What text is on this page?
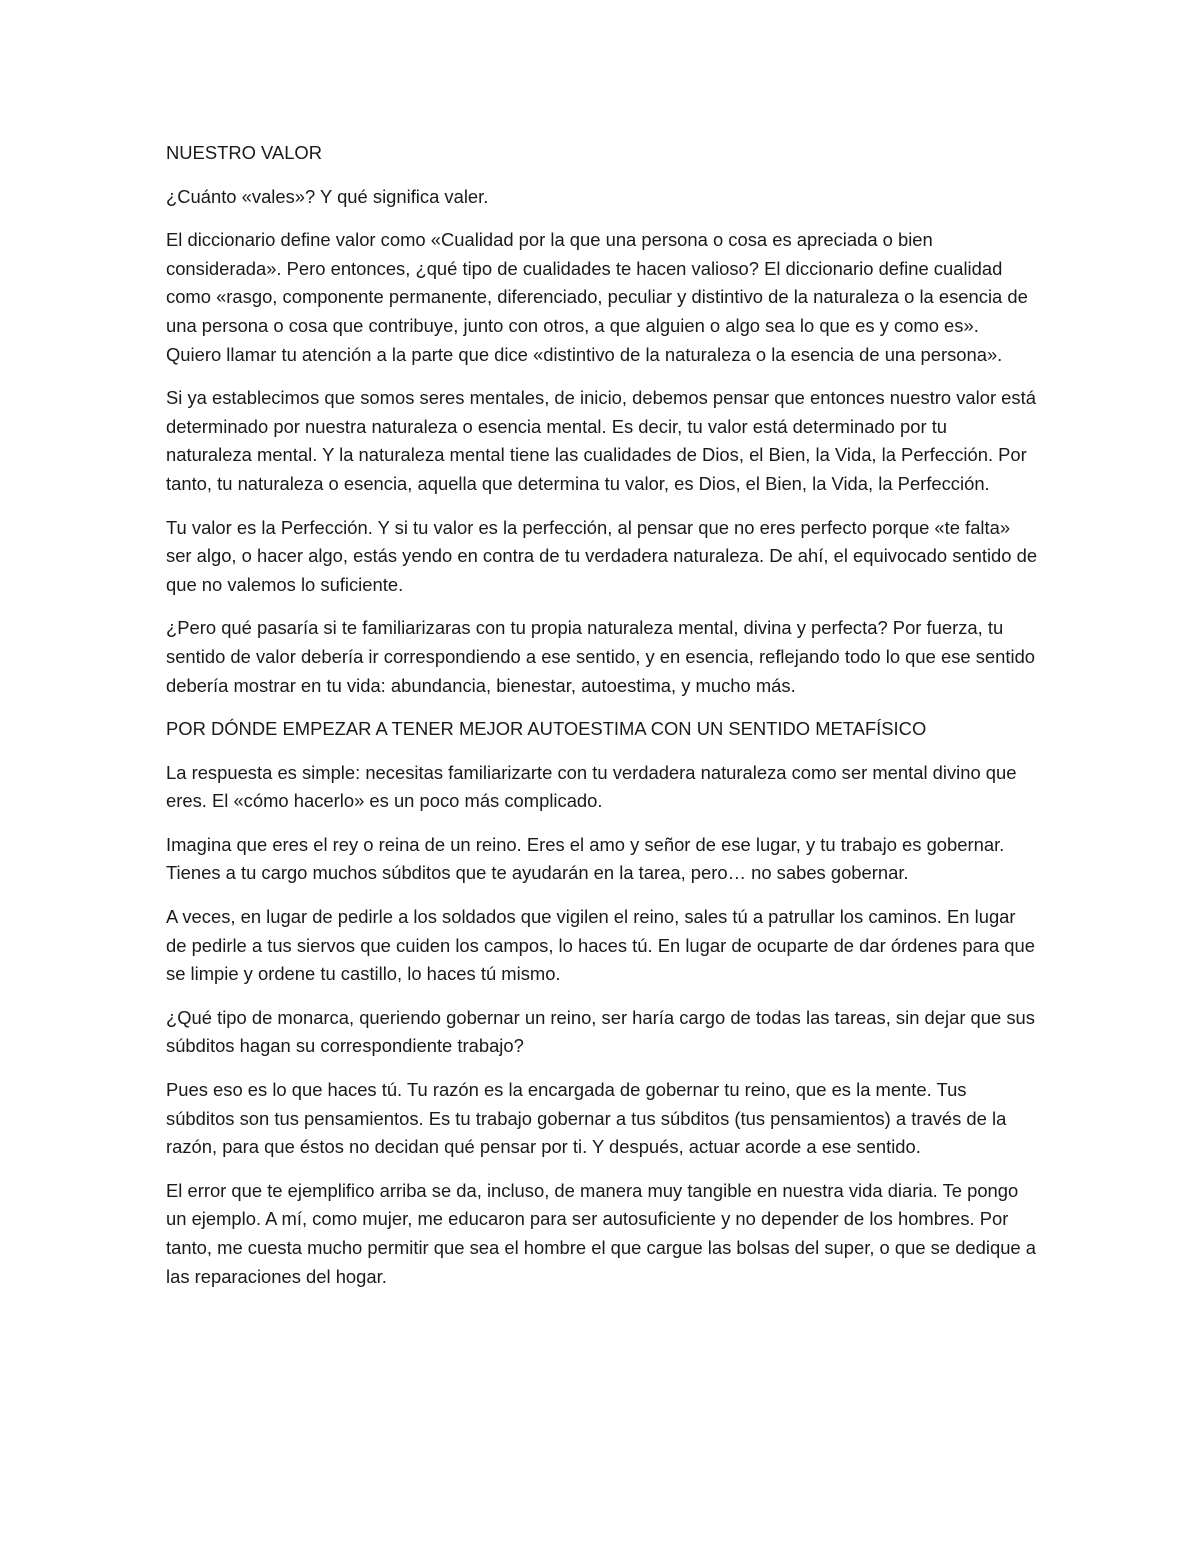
NUESTRO VALOR

¿Cuánto «vales»? Y qué significa valer.

El diccionario define valor como «Cualidad por la que una persona o cosa es apreciada o bien considerada». Pero entonces, ¿qué tipo de cualidades te hacen valioso? El diccionario define cualidad como «rasgo, componente permanente, diferenciado, peculiar y distintivo de la naturaleza o la esencia de una persona o cosa que contribuye, junto con otros, a que alguien o algo sea lo que es y como es». Quiero llamar tu atención a la parte que dice «distintivo de la naturaleza o la esencia de una persona».

Si ya establecimos que somos seres mentales, de inicio, debemos pensar que entonces nuestro valor está determinado por nuestra naturaleza o esencia mental. Es decir, tu valor está determinado por tu naturaleza mental. Y la naturaleza mental tiene las cualidades de Dios, el Bien, la Vida, la Perfección. Por tanto, tu naturaleza o esencia, aquella que determina tu valor, es Dios, el Bien, la Vida, la Perfección.

Tu valor es la Perfección. Y si tu valor es la perfección, al pensar que no eres perfecto porque «te falta» ser algo, o hacer algo, estás yendo en contra de tu verdadera naturaleza. De ahí, el equivocado sentido de que no valemos lo suficiente.

¿Pero qué pasaría si te familiarizaras con tu propia naturaleza mental, divina y perfecta? Por fuerza, tu sentido de valor debería ir correspondiendo a ese sentido, y en esencia, reflejando todo lo que ese sentido debería mostrar en tu vida: abundancia, bienestar, autoestima, y mucho más.

POR DÓNDE EMPEZAR A TENER MEJOR AUTOESTIMA CON UN SENTIDO METAFÍSICO

La respuesta es simple: necesitas familiarizarte con tu verdadera naturaleza como ser mental divino que eres. El «cómo hacerlo» es un poco más complicado.

Imagina que eres el rey o reina de un reino. Eres el amo y señor de ese lugar, y tu trabajo es gobernar. Tienes a tu cargo muchos súbditos que te ayudarán en la tarea, pero… no sabes gobernar.

A veces, en lugar de pedirle a los soldados que vigilen el reino, sales tú a patrullar los caminos. En lugar de pedirle a tus siervos que cuiden los campos, lo haces tú. En lugar de ocuparte de dar órdenes para que se limpie y ordene tu castillo, lo haces tú mismo.

¿Qué tipo de monarca, queriendo gobernar un reino, ser haría cargo de todas las tareas, sin dejar que sus súbditos hagan su correspondiente trabajo?

Pues eso es lo que haces tú. Tu razón es la encargada de gobernar tu reino, que es la mente. Tus súbditos son tus pensamientos. Es tu trabajo gobernar a tus súbditos (tus pensamientos) a través de la razón, para que éstos no decidan qué pensar por ti. Y después, actuar acorde a ese sentido.

El error que te ejemplifico arriba se da, incluso, de manera muy tangible en nuestra vida diaria. Te pongo un ejemplo. A mí, como mujer, me educaron para ser autosuficiente y no depender de los hombres. Por tanto, me cuesta mucho permitir que sea el hombre el que cargue las bolsas del super, o que se dedique a las reparaciones del hogar.
